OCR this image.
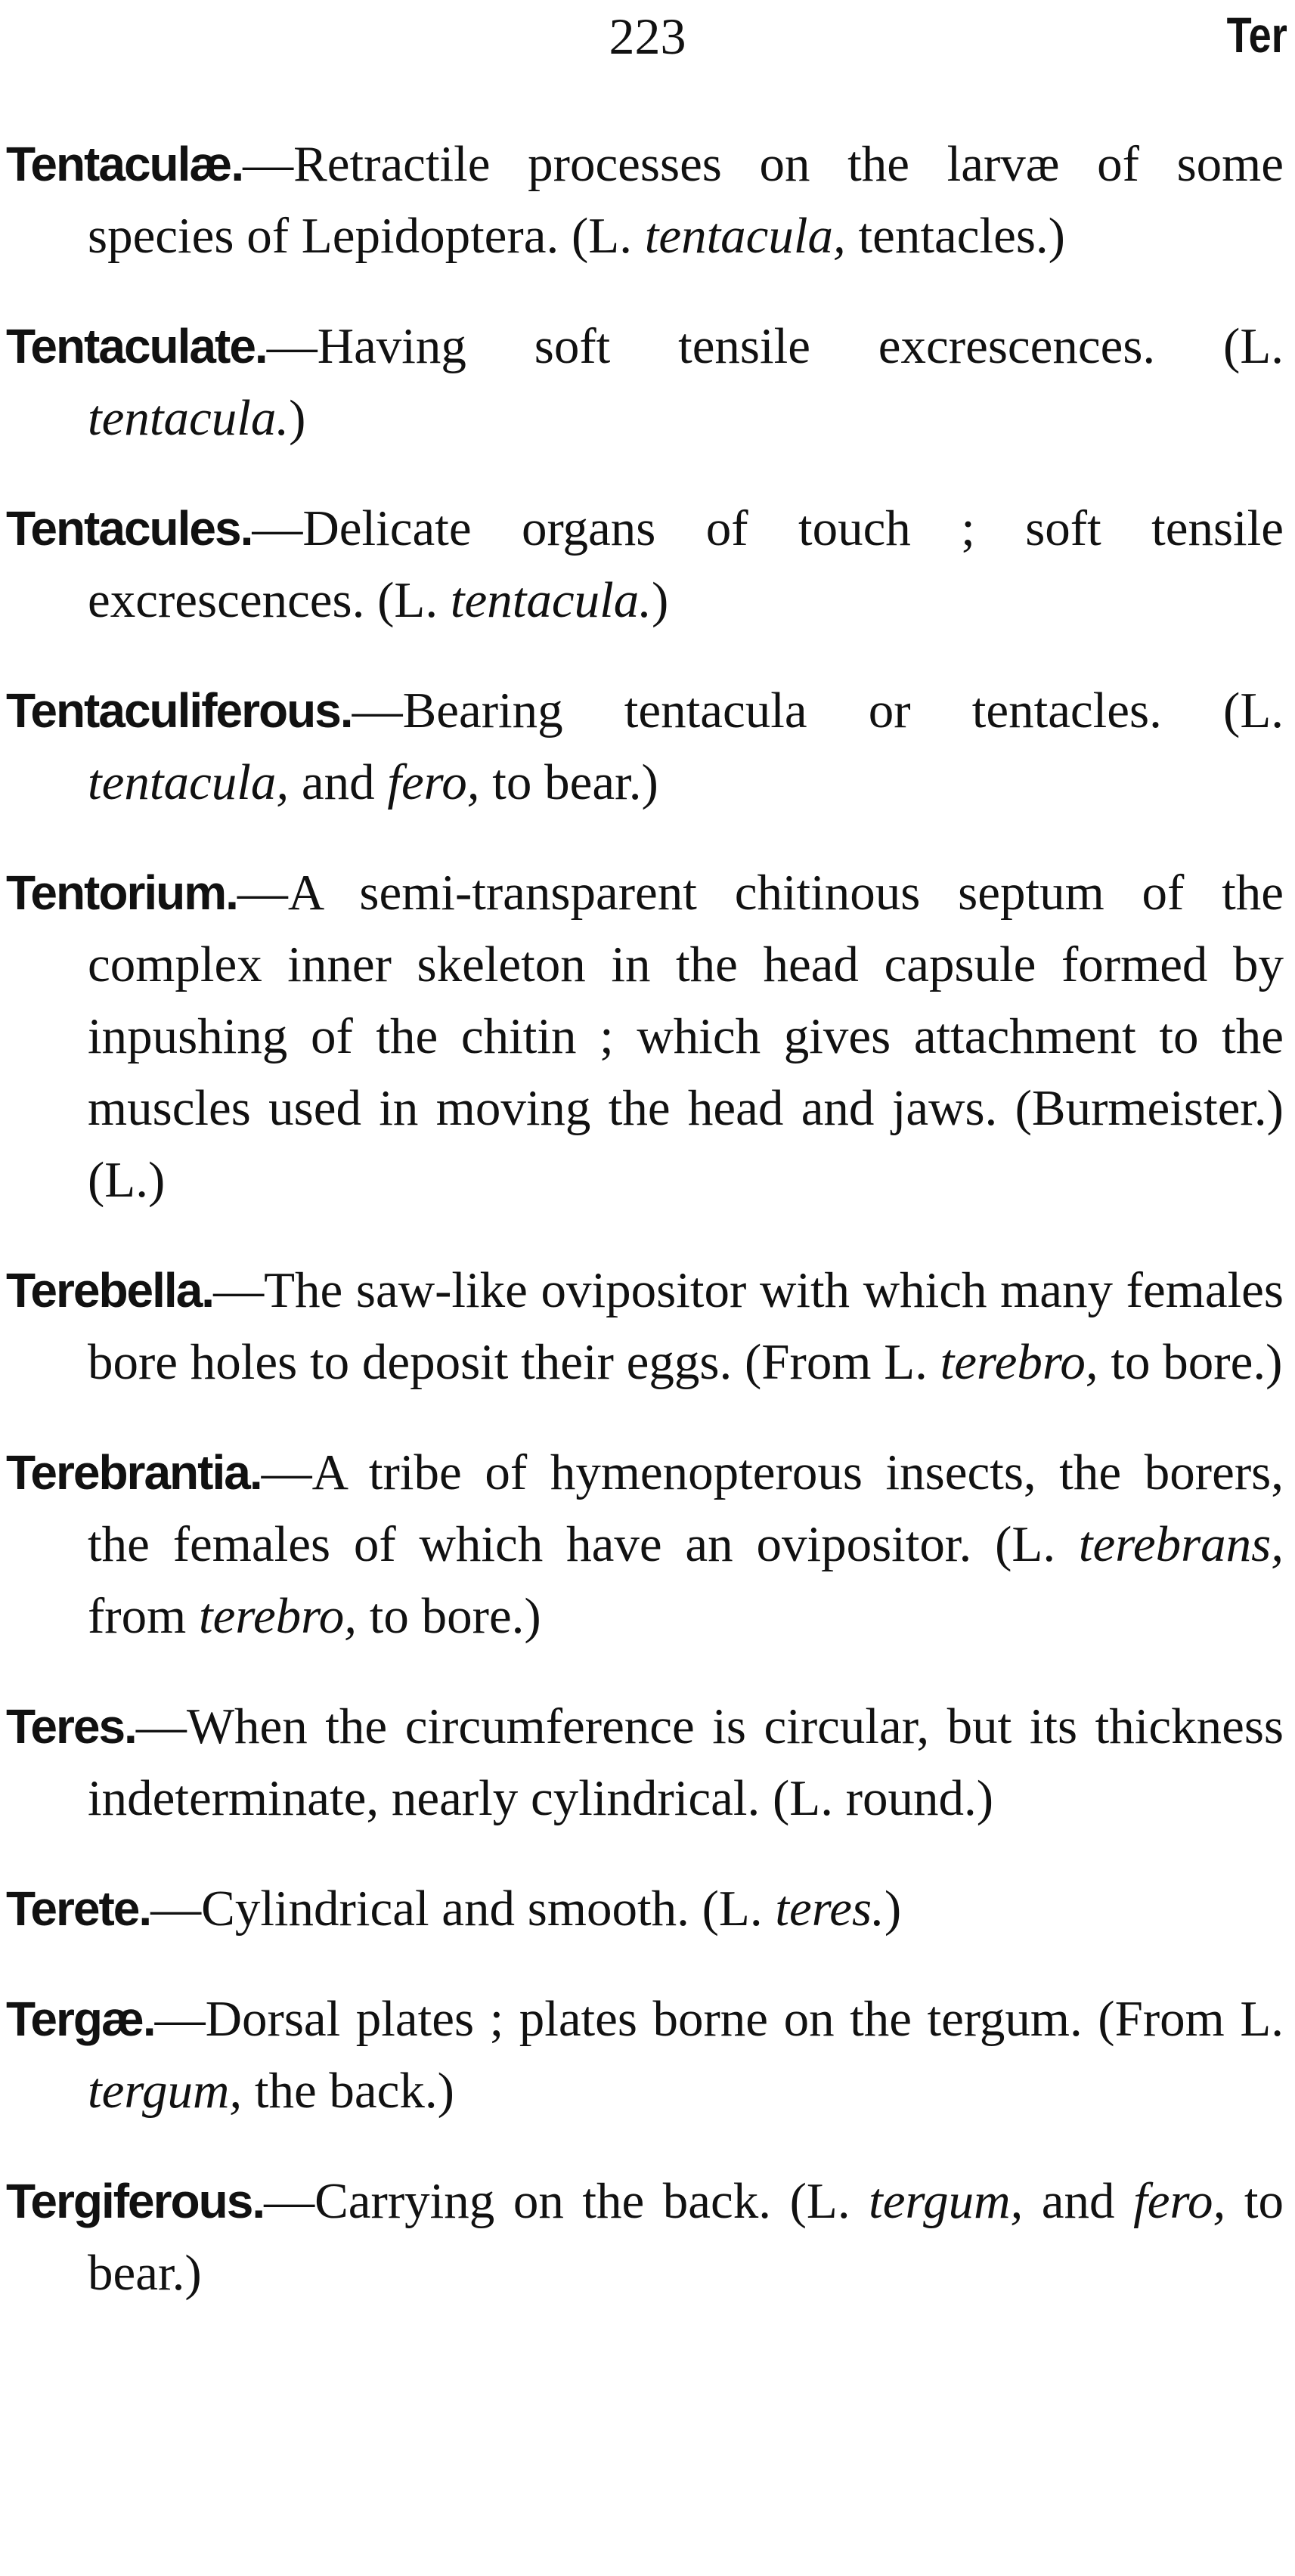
223	Ter

Tentaculæ.—Retractile processes on the larvæ of some species of Lepidoptera. (L. tentacula, tentacles.)

Tentaculate.—Having soft tensile excrescences. (L. tentacula.)

Tentacules.—Delicate organs of touch ; soft tensile excrescences. (L. tentacula.)

Tentaculiferous.—Bearing tentacula or tentacles. (L. tentacula, and fero, to bear.)

Tentorium.—A semi-transparent chitinous septum of the complex inner skeleton in the head capsule formed by inpushing of the chitin ; which gives attachment to the muscles used in moving the head and jaws. (Burmeister.) (L.)

Terebella.—The saw-like ovipositor with which many females bore holes to deposit their eggs. (From L. terebro, to bore.)

Terebrantia.—A tribe of hymenopterous insects, the borers, the females of which have an ovipositor. (L. terebrans, from terebro, to bore.)

Teres.—When the circumference is circular, but its thickness indeterminate, nearly cylindrical. (L. round.)

Terete.—Cylindrical and smooth. (L. teres.)

Tergæ.—Dorsal plates ; plates borne on the tergum. (From L. tergum, the back.)

Tergiferous.—Carrying on the back. (L. tergum, and fero, to bear.)
